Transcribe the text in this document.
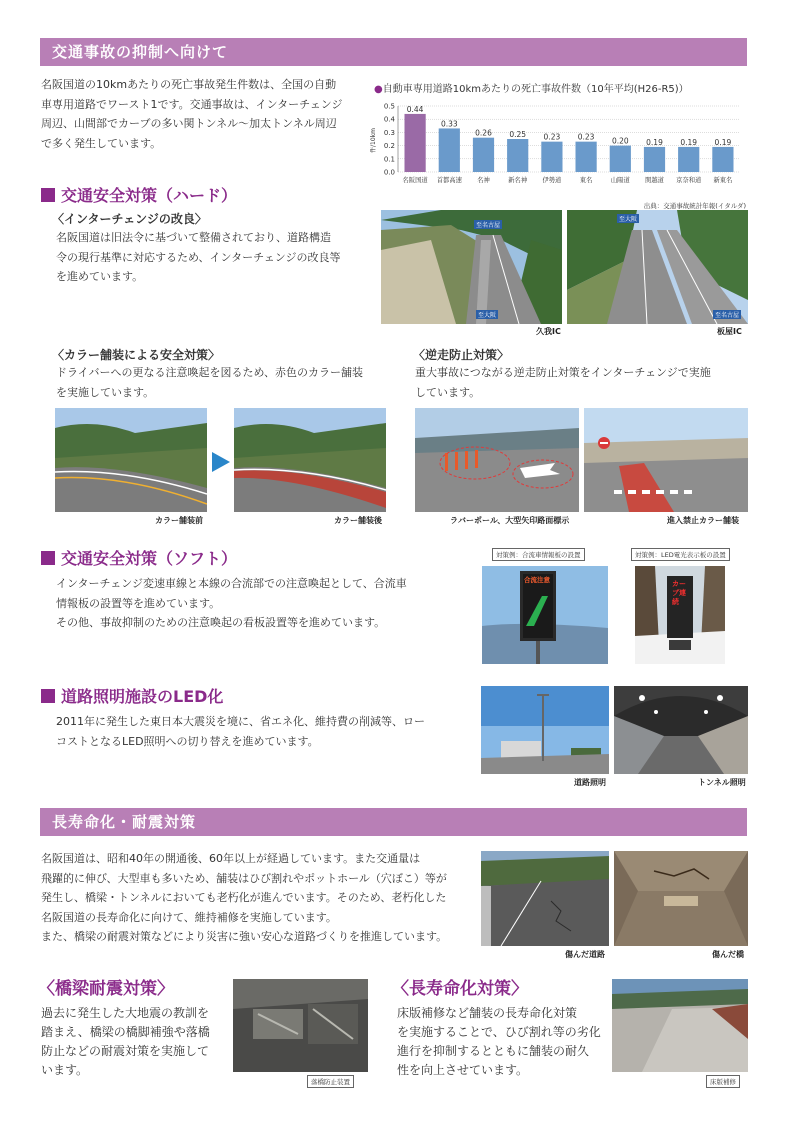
交通事故の抑制へ向けて
名阪国道の10kmあたりの死亡事故発生件数は、全国の自動
車専用道路でワースト1です。交通事故は、インターチェンジ
周辺、山間部でカーブの多い関トンネル～加太トンネル周辺
で多く発生しています。
●自動車専用道路10kmあたりの死亡事故件数（10年平均(H26-R5)）
0.5
0.4
0.3
0.2
0.1
0.0
名阪国道 首都高速 名神	新名神 伊勢道	東名	山陽道 関越道 京奈和道 新東名
0.44
0.33
0.26 0.25 0.23 0.23 0.20 0.19 0.19 0.19
件/10km
出典：交通事故統計年報(イタルダ)
交通安全対策（ハード）
〈インターチェンジの改良〉
名阪国道は旧法令に基づいて整備されており、道路構造
令の現行基準に対応するため、インターチェンジの改良等
を進めています。
至名古屋
至大阪
久我IC
至大阪
至名古屋
板屋IC
〈カラー舗装による安全対策〉
ドライバーへの更なる注意喚起を図るため、赤色のカラー舗装
を実施しています。
カラー舗装前	カラー舗装後
〈逆走防止対策〉
重大事故につながる逆走防止対策をインターチェンジで実施
しています。
ラバーポール、大型矢印路面標示	進入禁止カラー舗装
交通安全対策（ソフト）
インターチェンジ変速車線と本線の合流部での注意喚起として、合流車
情報板の設置等を進めています。
その他、事故抑制のための注意喚起の看板設置等を進めています。
対策例：合流車情報板の設置
合流注意
対策例：LED電光表示板の設置
カーブ連続
道路照明施設のLED化
2011年に発生した東日本大震災を境に、省エネ化、維持費の削減等、ロー
コストとなるLED照明への切り替えを進めています。
道路照明	トンネル照明
長寿命化・耐震対策
名阪国道は、昭和40年の開通後、60年以上が経過しています。また交通量は
飛躍的に伸び、大型車も多いため、舗装はひび割れやポットホール（穴ぼこ）等が
発生し、橋梁・トンネルにおいても老朽化が進んでいます。そのため、老朽化した
名阪国道の長寿命化に向けて、維持補修を実施しています。
また、橋梁の耐震対策などにより災害に強い安心な道路づくりを推進しています。
傷んだ道路	傷んだ橋
〈橋梁耐震対策〉
過去に発生した大地震の教訓を
踏まえ、橋梁の橋脚補強や落橋
防止などの耐震対策を実施して
います。
落橋防止装置
〈長寿命化対策〉
床版補修など舗装の長寿命化対策
を実施することで、ひび割れ等の劣化
進行を抑制するとともに舗装の耐久
性を向上させています。
床版補修
